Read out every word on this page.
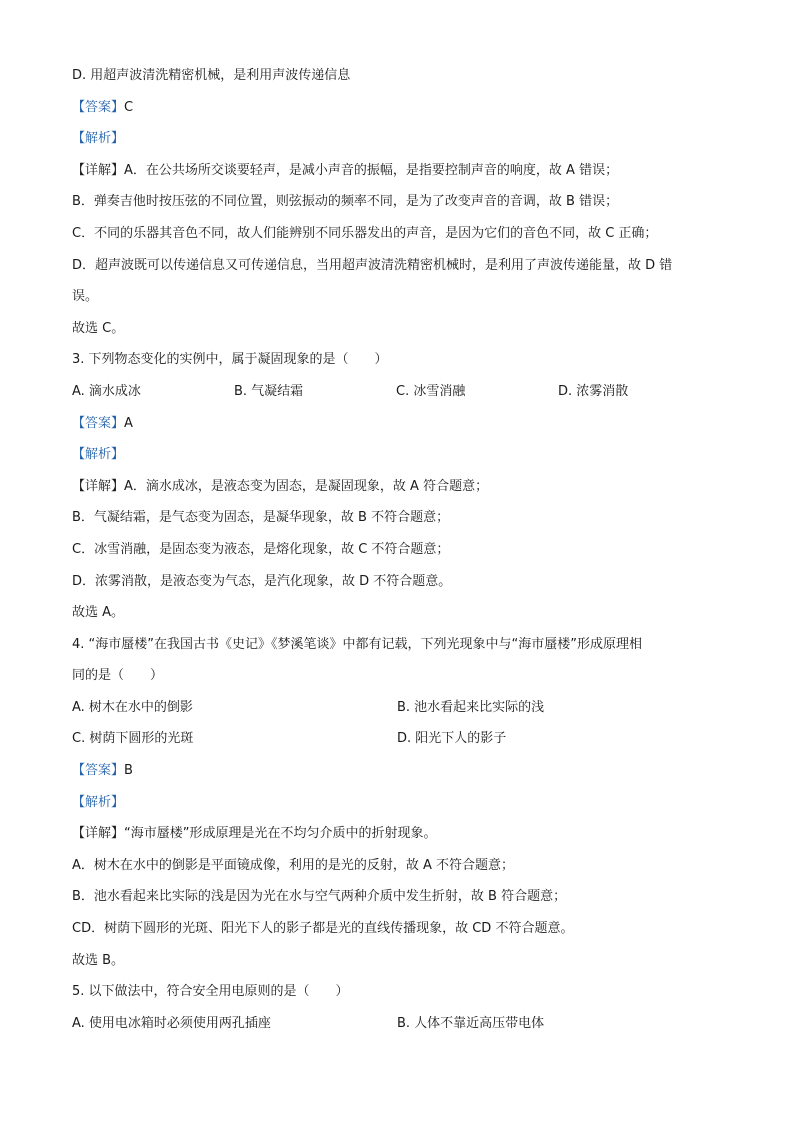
D. 用超声波清洗精密机械，是利用声波传递信息
【答案】C
【解析】
【详解】A．在公共场所交谈要轻声，是减小声音的振幅，是指要控制声音的响度，故 A 错误；
B．弹奏吉他时按压弦的不同位置，则弦振动的频率不同，是为了改变声音的音调，故 B 错误；
C．不同的乐器其音色不同，故人们能辨别不同乐器发出的声音，是因为它们的音色不同，故 C 正确；
D．超声波既可以传递信息又可传递信息，当用超声波清洗精密机械时，是利用了声波传递能量，故 D 错
误。
故选 C。
3. 下列物态变化的实例中，属于凝固现象的是（　　）
A. 滴水成冰	B. 气凝结霜	C. 冰雪消融	D. 浓雾消散
【答案】A
【解析】
【详解】A．滴水成冰，是液态变为固态，是凝固现象，故 A 符合题意；
B．气凝结霜，是气态变为固态，是凝华现象，故 B 不符合题意；
C．冰雪消融，是固态变为液态，是熔化现象，故 C 不符合题意；
D．浓雾消散，是液态变为气态，是汽化现象，故 D 不符合题意。
故选 A。
4. “海市蜃楼”在我国古书《史记》《梦溪笔谈》中都有记载，下列光现象中与“海市蜃楼”形成原理相
同的是（　　）
A. 树木在水中的倒影	B. 池水看起来比实际的浅
C. 树荫下圆形的光斑	D. 阳光下人的影子
【答案】B
【解析】
【详解】“海市蜃楼”形成原理是光在不均匀介质中的折射现象。
A．树木在水中的倒影是平面镜成像，利用的是光的反射，故 A 不符合题意；
B．池水看起来比实际的浅是因为光在水与空气两种介质中发生折射，故 B 符合题意；
CD．树荫下圆形的光斑、阳光下人的影子都是光的直线传播现象，故 CD 不符合题意。
故选 B。
5. 以下做法中，符合安全用电原则的是（　　）
A. 使用电冰箱时必须使用两孔插座	B. 人体不靠近高压带电体
